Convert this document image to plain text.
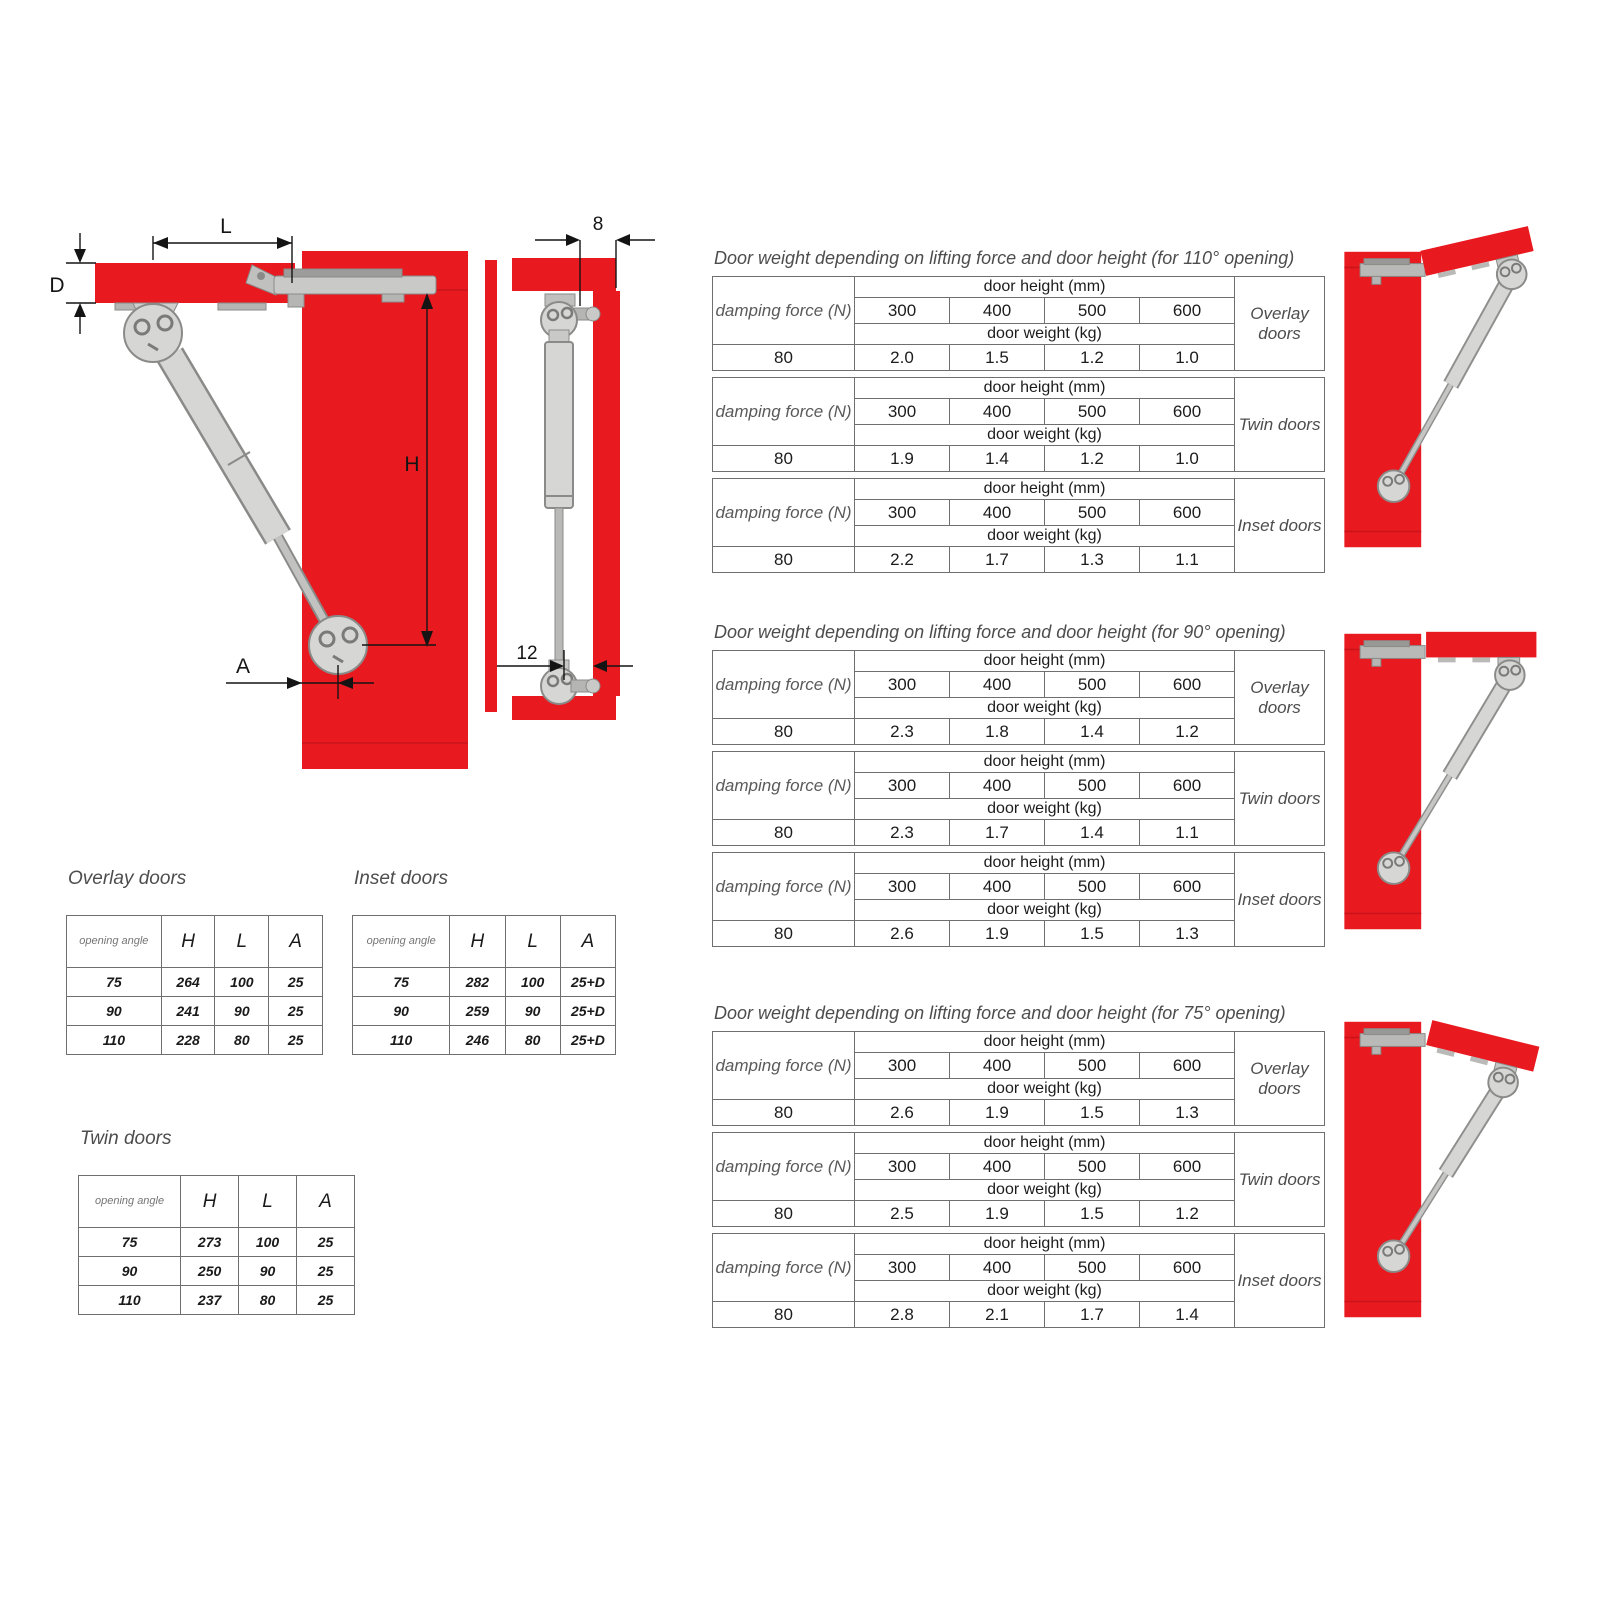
L
D
H
A
8
12
Overlay doors
opening angle	H	L	A
75	264	100	25
90	241	90	25
110	228	80	25
Inset doors
opening angle	H	L	A
75	282	100	25+D
90	259	90	25+D
110	246	80	25+D
Twin doors
opening angle	H	L	A
75	273	100	25
90	250	90	25
110	237	80	25
Door weight depending on lifting force and door height (for 110° opening)
damping force (N)	door height (mm)				Overlay doors
	300	400	500	600	
	door weight (kg)				
80	2.0	1.5	1.2	1.0	
damping force (N)	door height (mm)				Twin doors
	300	400	500	600	
	door weight (kg)				
80	1.9	1.4	1.2	1.0	
damping force (N)	door height (mm)				Inset doors
	300	400	500	600	
	door weight (kg)				
80	2.2	1.7	1.3	1.1	
Door weight depending on lifting force and door height (for 90° opening)
damping force (N)	door height (mm)				Overlay doors
	300	400	500	600	
	door weight (kg)				
80	2.3	1.8	1.4	1.2	
damping force (N)	door height (mm)				Twin doors
	300	400	500	600	
	door weight (kg)				
80	2.3	1.7	1.4	1.1	
damping force (N)	door height (mm)				Inset doors
	300	400	500	600	
	door weight (kg)				
80	2.6	1.9	1.5	1.3	
Door weight depending on lifting force and door height (for 75° opening)
damping force (N)	door height (mm)				Overlay doors
	300	400	500	600	
	door weight (kg)				
80	2.6	1.9	1.5	1.3	
damping force (N)	door height (mm)				Twin doors
	300	400	500	600	
	door weight (kg)				
80	2.5	1.9	1.5	1.2	
damping force (N)	door height (mm)				Inset doors
	300	400	500	600	
	door weight (kg)				
80	2.8	2.1	1.7	1.4	
